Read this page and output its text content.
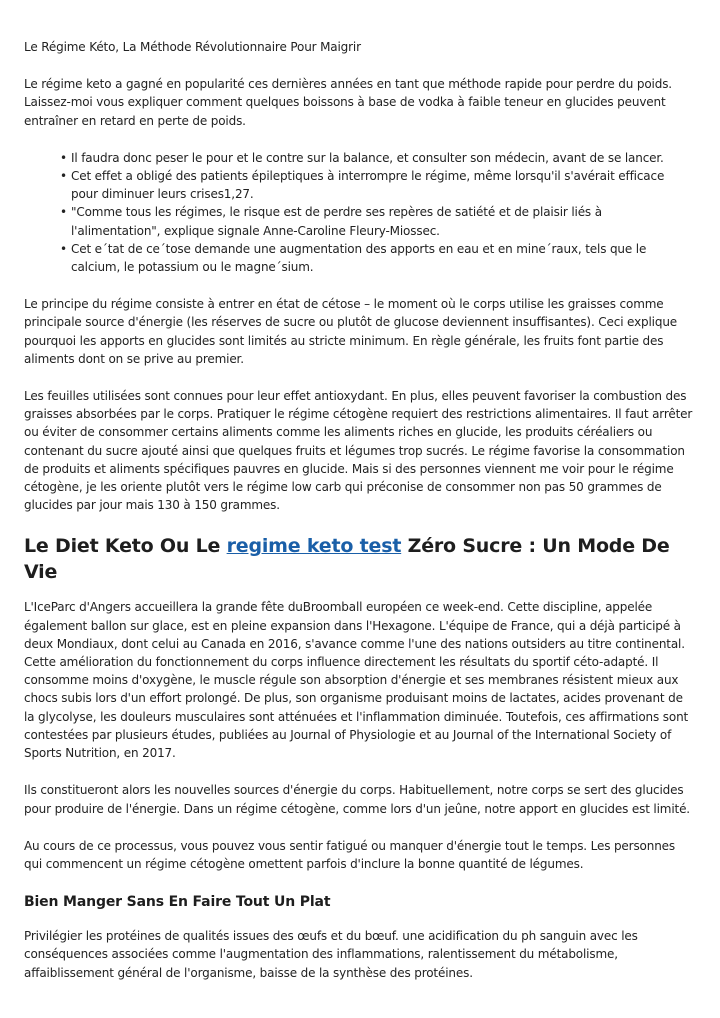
Le Régime Kéto, La Méthode Révolutionnaire Pour Maigrir

Le régime keto a gagné en popularité ces dernières années en tant que méthode rapide pour perdre du poids. Laissez-moi vous expliquer comment quelques boissons à base de vodka à faible teneur en glucides peuvent entraîner en retard en perte de poids.

• Il faudra donc peser le pour et le contre sur la balance, et consulter son médecin, avant de se lancer.
• Cet effet a obligé des patients épileptiques à interrompre le régime, même lorsqu'il s'avérait efficace pour diminuer leurs crises1,27.
• "Comme tous les régimes, le risque est de perdre ses repères de satiété et de plaisir liés à l'alimentation", explique signale Anne-Caroline Fleury-Miossec.
• Cet e´tat de ce´tose demande une augmentation des apports en eau et en mine´raux, tels que le calcium, le potassium ou le magne´sium.

Le principe du régime consiste à entrer en état de cétose – le moment où le corps utilise les graisses comme principale source d'énergie (les réserves de sucre ou plutôt de glucose deviennent insuffisantes). Ceci explique pourquoi les apports en glucides sont limités au stricte minimum. En règle générale, les fruits font partie des aliments dont on se prive au premier.

Les feuilles utilisées sont connues pour leur effet antioxydant. En plus, elles peuvent favoriser la combustion des graisses absorbées par le corps. Pratiquer le régime cétogène requiert des restrictions alimentaires. Il faut arrêter ou éviter de consommer certains aliments comme les aliments riches en glucide, les produits céréaliers ou contenant du sucre ajouté ainsi que quelques fruits et légumes trop sucrés. Le régime favorise la consommation de produits et aliments spécifiques pauvres en glucide. Mais si des personnes viennent me voir pour le régime cétogène, je les oriente plutôt vers le régime low carb qui préconise de consommer non pas 50 grammes de glucides par jour mais 130 à 150 grammes.

Le Diet Keto Ou Le regime keto test Zéro Sucre : Un Mode De Vie

L'IceParc d'Angers accueillera la grande fête duBroomball européen ce week-end. Cette discipline, appelée également ballon sur glace, est en pleine expansion dans l'Hexagone. L'équipe de France, qui a déjà participé à deux Mondiaux, dont celui au Canada en 2016, s'avance comme l'une des nations outsiders au titre continental. Cette amélioration du fonctionnement du corps influence directement les résultats du sportif céto-adapté. Il consomme moins d'oxygène, le muscle régule son absorption d'énergie et ses membranes résistent mieux aux chocs subis lors d'un effort prolongé. De plus, son organisme produisant moins de lactates, acides provenant de la glycolyse, les douleurs musculaires sont atténuées et l'inflammation diminuée. Toutefois, ces affirmations sont contestées par plusieurs études, publiées au Journal of Physiologie et au Journal of the International Society of Sports Nutrition, en 2017.

Ils constitueront alors les nouvelles sources d'énergie du corps. Habituellement, notre corps se sert des glucides pour produire de l'énergie. Dans un régime cétogène, comme lors d'un jeûne, notre apport en glucides est limité.

Au cours de ce processus, vous pouvez vous sentir fatigué ou manquer d'énergie tout le temps. Les personnes qui commencent un régime cétogène omettent parfois d'inclure la bonne quantité de légumes.

Bien Manger Sans En Faire Tout Un Plat

Privilégier les protéines de qualités issues des œufs et du bœuf. une acidification du ph sanguin avec les conséquences associées comme l'augmentation des inflammations, ralentissement du métabolisme, affaiblissement général de l'organisme, baisse de la synthèse des protéines.
